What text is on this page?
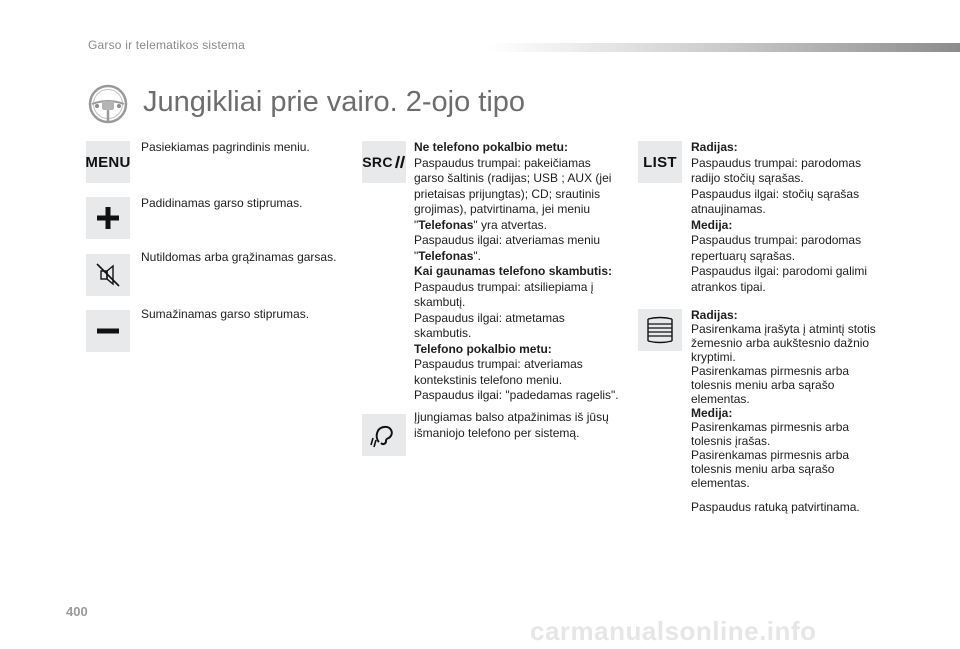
Garso ir telematikos sistema
Jungikliai prie vairo. 2-ojo tipo
MENU
Pasiekiamas pagrindinis meniu.
Padidinamas garso stiprumas.
Nutildomas arba grąžinamas garsas.
Sumažinamas garso stiprumas.
SRC

Ne telefono pokalbio metu:

Paspaudus trumpai: pakeičiamas garso šaltinis (radijas; USB ; AUX (jei prietaisas prijungtas); CD; srautinis grojimas), patvirtinama, jei meniu "Telefonas" yra atvertas.

Paspaudus ilgai: atveriamas meniu "Telefonas".

Kai gaunamas telefono skambutis:

Paspaudus trumpai: atsiliepiama į skambutį.

Paspaudus ilgai: atmetamas skambutis.

Telefono pokalbio metu:

Paspaudus trumpai: atveriamas kontekstinis telefono meniu.

Paspaudus ilgai: "padedamas ragelis".

Įjungiamas balso atpažinimas iš jūsų išmaniojo telefono per sistemą.
LIST

Radijas:

Paspaudus trumpai: parodomas radijo stočių sąrašas.

Paspaudus ilgai: stočių sąrašas atnaujinamas.

Medija:

Paspaudus trumpai: parodomas repertuarų sąrašas.

Paspaudus ilgai: parodomi galimi atrankos tipai.

Radijas:

Pasirenkama įrašyta į atmintį stotis žemesnio arba aukštesnio dažnio kryptimi.

Pasirenkamas pirmesnis arba tolesnis meniu arba sąrašo elementas.

Medija:

Pasirenkamas pirmesnis arba tolesnis įrašas.

Pasirenkamas pirmesnis arba tolesnis meniu arba sąrašo elementas.

Paspaudus ratuką patvirtinama.

400
carmanualsonline.info
